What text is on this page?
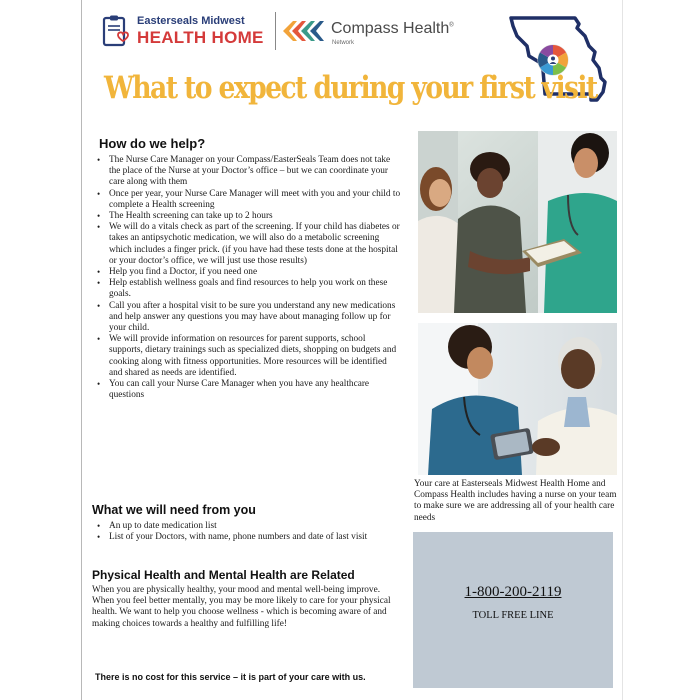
Easterseals Midwest
HEALTH HOME	Compass Health®
Network
What to expect during your first visit
How do we help?
• The Nurse Care Manager on your Compass/EasterSeals Team does not take the place of the Nurse at your Doctor’s office – but we can coordinate your care along with them
• Once per year, your Nurse Care Manager will meet with you and your child to complete a Health screening
• The Health screening can take up to 2 hours
• We will do a vitals check as part of the screening. If your child has diabetes or takes an antipsychotic medication, we will also do a metabolic screening which includes a finger prick. (if you have had these tests done at the hospital or your doctor’s office, we will just use those results)
• Help you find a Doctor, if you need one
• Help establish wellness goals and find resources to help you work on these goals.
• Call you after a hospital visit to be sure you understand any new medications and help answer any questions you may have about managing follow up for your child.
• We will provide information on resources for parent supports, school supports, dietary trainings such as specialized diets, shopping on budgets and cooking along with fitness opportunities. More resources will be identified and shared as needs are identified.
• You can call your Nurse Care Manager when you have any healthcare questions
What we will need from you
• An up to date medication list
• List of your Doctors, with name, phone numbers and date of last visit
Physical Health and Mental Health are Related
When you are physically healthy, your mood and mental well-being improve. When you feel better mentally, you may be more likely to care for your physical health. We want to help you choose wellness - which is becoming aware of and making choices towards a healthy and fulfilling life!
There is no cost for this service – it is part of your care with us.
Your care at Easterseals Midwest Health Home and Compass Health includes having a nurse on your team to make sure we are addressing all of your health care needs
1-800-200-2119
TOLL FREE LINE
